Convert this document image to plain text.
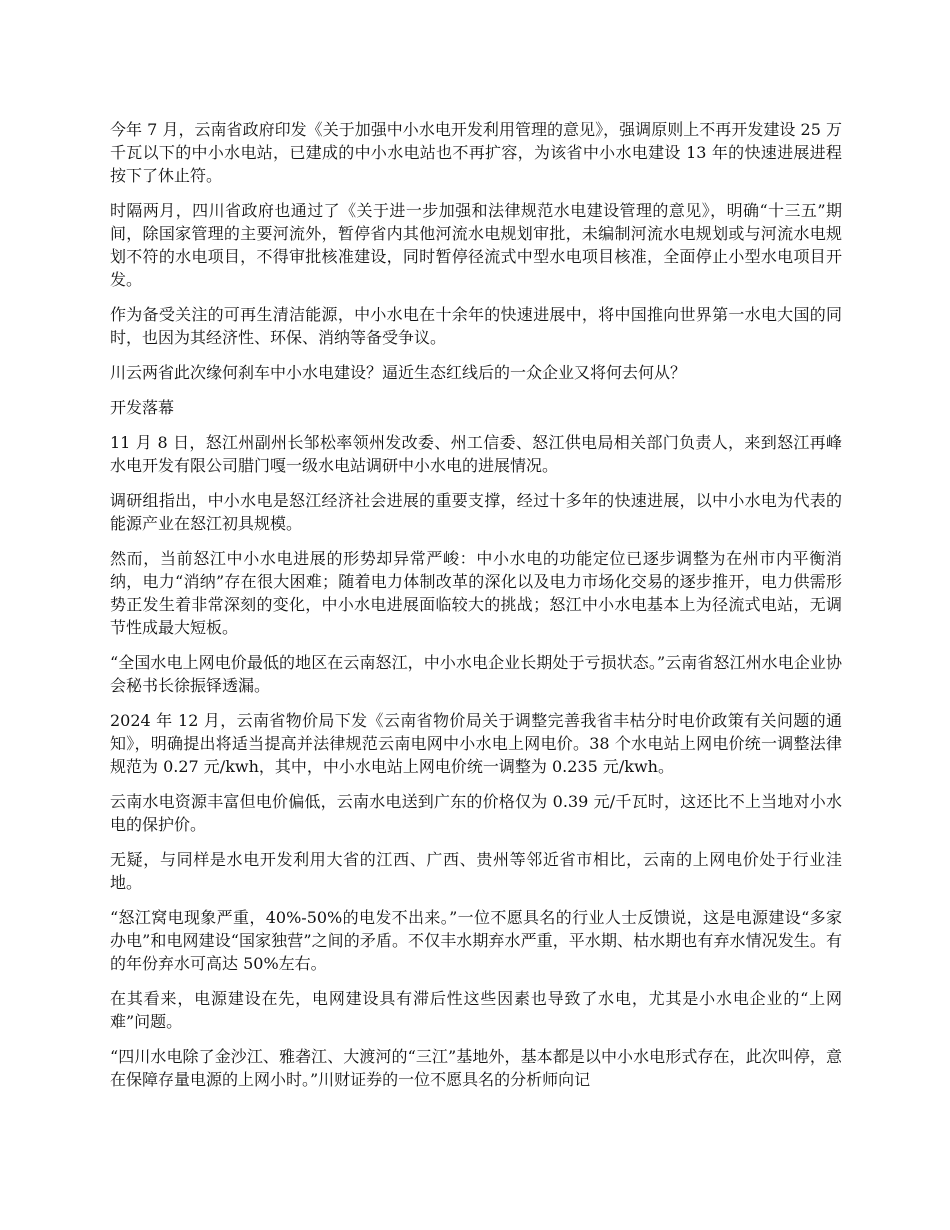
今年 7 月，云南省政府印发《关于加强中小水电开发利用管理的意见》，强调原则上不再开发建设 25 万千瓦以下的中小水电站，已建成的中小水电站也不再扩容，为该省中小水电建设 13 年的快速进展进程按下了休止符。

时隔两月，四川省政府也通过了《关于进一步加强和法律规范水电建设管理的意见》，明确“十三五”期间，除国家管理的主要河流外，暂停省内其他河流水电规划审批，未编制河流水电规划或与河流水电规划不符的水电项目，不得审批核准建设，同时暂停径流式中型水电项目核准，全面停止小型水电项目开发。

作为备受关注的可再生清洁能源，中小水电在十余年的快速进展中，将中国推向世界第一水电大国的同时，也因为其经济性、环保、消纳等备受争议。

川云两省此次缘何刹车中小水电建设？逼近生态红线后的一众企业又将何去何从？

开发落幕

11 月 8 日，怒江州副州长邹松率领州发改委、州工信委、怒江供电局相关部门负责人，来到怒江再峰水电开发有限公司腊门嘎一级水电站调研中小水电的进展情况。

调研组指出，中小水电是怒江经济社会进展的重要支撑，经过十多年的快速进展，以中小水电为代表的能源产业在怒江初具规模。

然而，当前怒江中小水电进展的形势却异常严峻：中小水电的功能定位已逐步调整为在州市内平衡消纳，电力“消纳”存在很大困难；随着电力体制改革的深化以及电力市场化交易的逐步推开，电力供需形势正发生着非常深刻的变化，中小水电进展面临较大的挑战；怒江中小水电基本上为径流式电站，无调节性成最大短板。

“全国水电上网电价最低的地区在云南怒江，中小水电企业长期处于亏损状态。”云南省怒江州水电企业协会秘书长徐振铎透漏。

2024 年 12 月，云南省物价局下发《云南省物价局关于调整完善我省丰枯分时电价政策有关问题的通知》，明确提出将适当提高并法律规范云南电网中小水电上网电价。38 个水电站上网电价统一调整法律规范为 0.27 元/kwh，其中，中小水电站上网电价统一调整为 0.235 元/kwh。

云南水电资源丰富但电价偏低，云南水电送到广东的价格仅为 0.39 元/千瓦时，这还比不上当地对小水电的保护价。

无疑，与同样是水电开发利用大省的江西、广西、贵州等邻近省市相比，云南的上网电价处于行业洼地。

“怒江窝电现象严重，40%-50%的电发不出来。”一位不愿具名的行业人士反馈说，这是电源建设“多家办电”和电网建设“国家独营”之间的矛盾。不仅丰水期弃水严重，平水期、枯水期也有弃水情况发生。有的年份弃水可高达 50%左右。

在其看来，电源建设在先，电网建设具有滞后性这些因素也导致了水电，尤其是小水电企业的“上网难”问题。

“四川水电除了金沙江、雅砻江、大渡河的“三江”基地外，基本都是以中小水电形式存在，此次叫停，意在保障存量电源的上网小时。”川财证券的一位不愿具名的分析师向记
